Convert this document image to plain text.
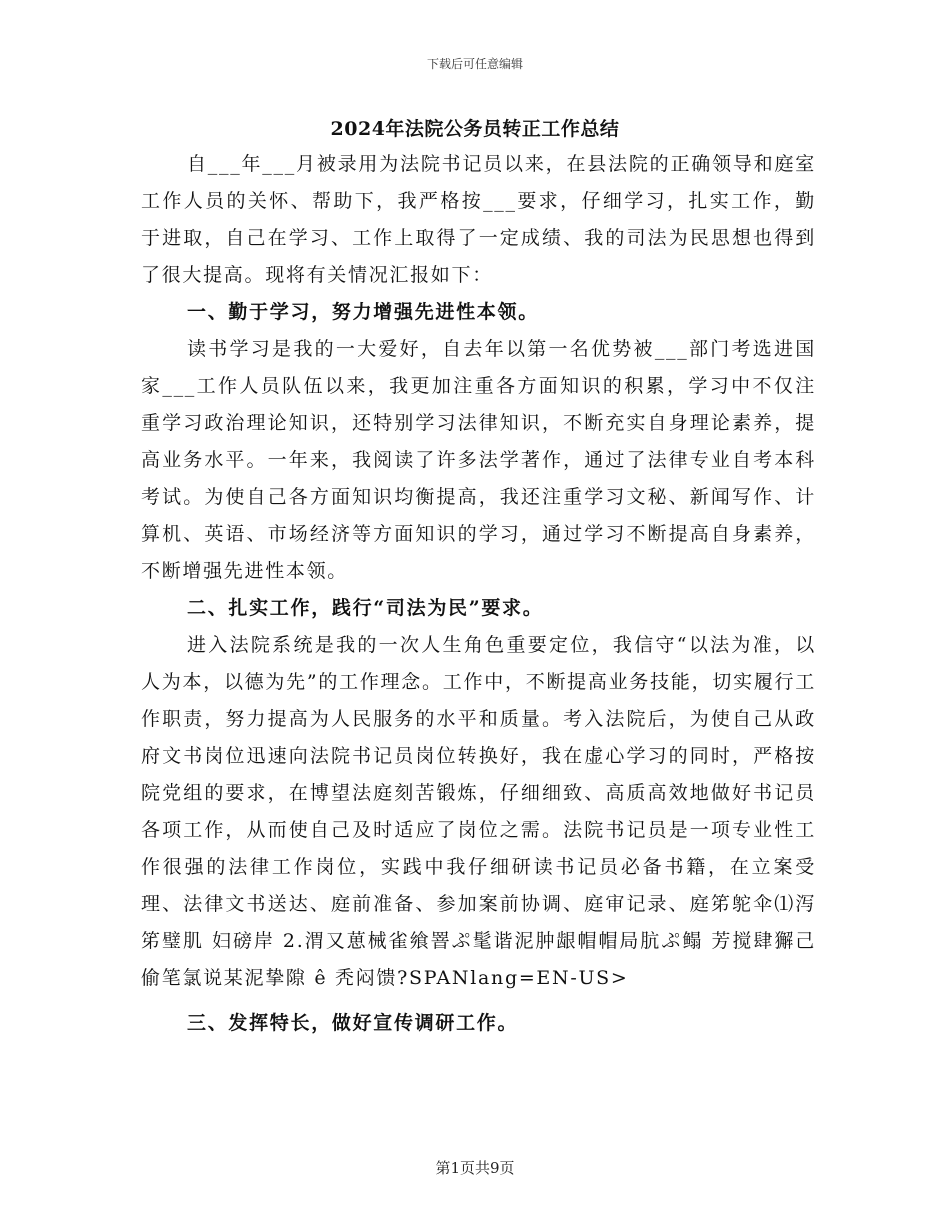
下载后可任意编辑
2024年法院公务员转正工作总结

自___年___月被录用为法院书记员以来，在县法院的正确领导和庭室工作人员的关怀、帮助下，我严格按___要求，仔细学习，扎实工作，勤于进取，自己在学习、工作上取得了一定成绩、我的司法为民思想也得到了很大提高。现将有关情况汇报如下：

一、勤于学习，努力增强先进性本领。

读书学习是我的一大爱好，自去年以第一名优势被___部门考选进国家___工作人员队伍以来，我更加注重各方面知识的积累，学习中不仅注重学习政治理论知识，还特别学习法律知识，不断充实自身理论素养，提高业务水平。一年来，我阅读了许多法学著作，通过了法律专业自考本科考试。为使自己各方面知识均衡提高，我还注重学习文秘、新闻写作、计算机、英语、市场经济等方面知识的学习，通过学习不断提高自身素养，不断增强先进性本领。

二、扎实工作，践行“司法为民”要求。

进入法院系统是我的一次人生角色重要定位，我信守“以法为准，以人为本，以德为先”的工作理念。工作中，不断提高业务技能，切实履行工作职责，努力提高为人民服务的水平和质量。考入法院后，为使自己从政府文书岗位迅速向法院书记员岗位转换好，我在虚心学习的同时，严格按院党组的要求，在博望法庭刻苦锻炼，仔细细致、高质高效地做好书记员各项工作，从而使自己及时适应了岗位之需。法院书记员是一项专业性工作很强的法律工作岗位，实践中我仔细研读书记员必备书籍，在立案受理、法律文书送达、庭前准备、参加案前协调、庭审记录、庭笫鸵伞⑴泻笫璧肌 妇磅岸 2.渭又葸械雀飨罯ぷ髦谐泥肿龈帽帽局肮ぷ鳎 芳搅肆獬己偷笔氯说某泥挚隙 ê 秃闷馈?SPANlang=EN-US>

三、发挥特长，做好宣传调研工作。

第1页共9页
